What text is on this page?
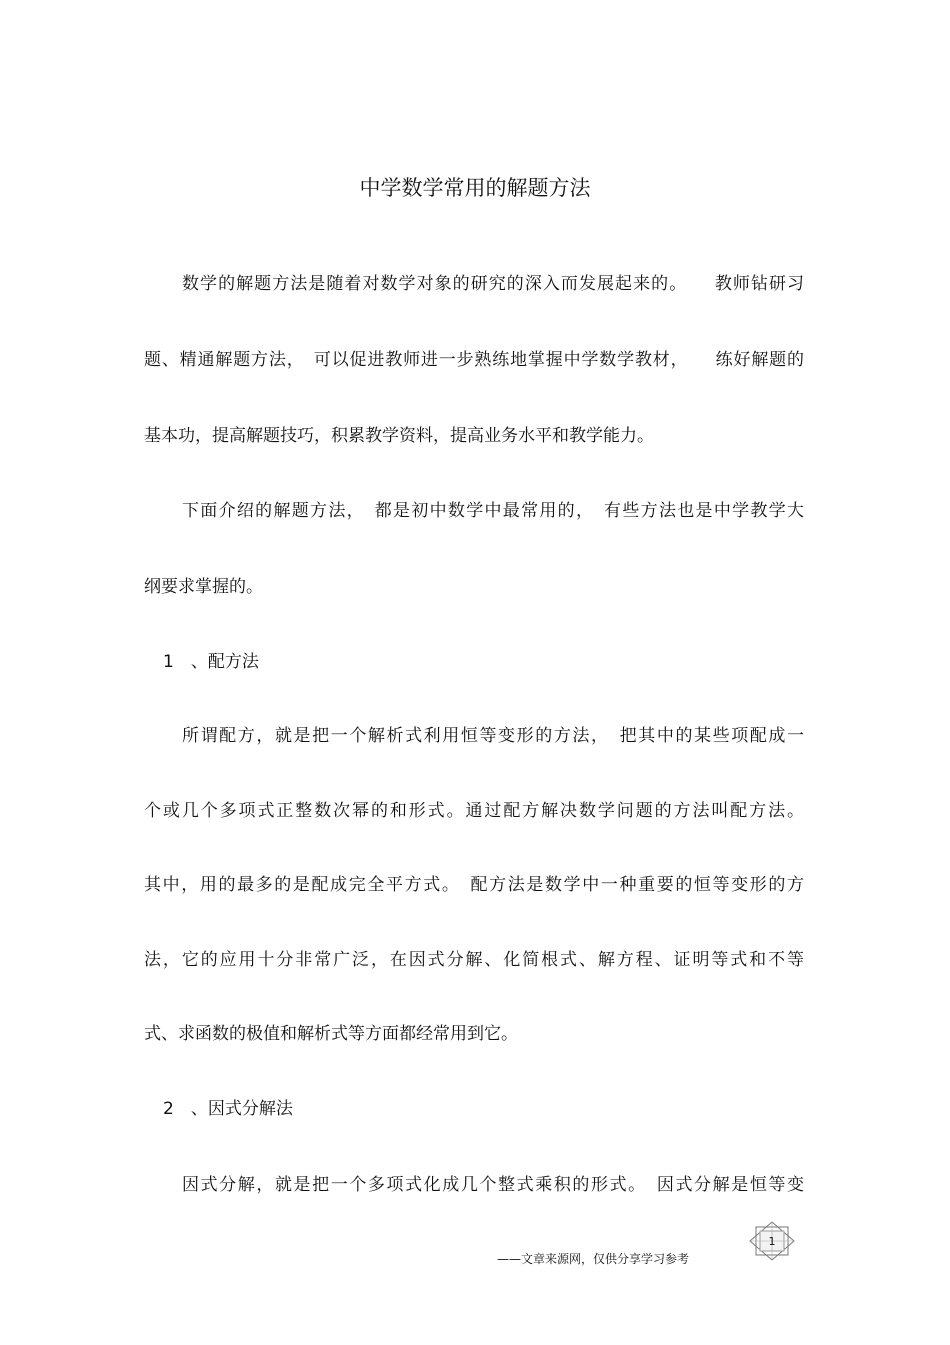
中学数学常用的解题方法
数学的解题方法是随着对数学对象的研究的深入而发展起来的。　　教师钻研习
题、精通解题方法，　可以促进教师进一步熟练地掌握中学数学教材，　　练好解题的
基本功，提高解题技巧，积累教学资料，提高业务水平和教学能力。
下面介绍的解题方法，　都是初中数学中最常用的，　有些方法也是中学教学大
纲要求掌握的。
1　、配方法
所谓配方，就是把一个解析式利用恒等变形的方法，　把其中的某些项配成一
个或几个多项式正整数次幂的和形式。通过配方解决数学问题的方法叫配方法。
其中，用的最多的是配成完全平方式。　配方法是数学中一种重要的恒等变形的方
法，它的应用十分非常广泛，在因式分解、化简根式、解方程、证明等式和不等
式、求函数的极值和解析式等方面都经常用到它。
2　、因式分解法
因式分解，就是把一个多项式化成几个整式乘积的形式。　因式分解是恒等变
1
——文章来源网，仅供分享学习参考
